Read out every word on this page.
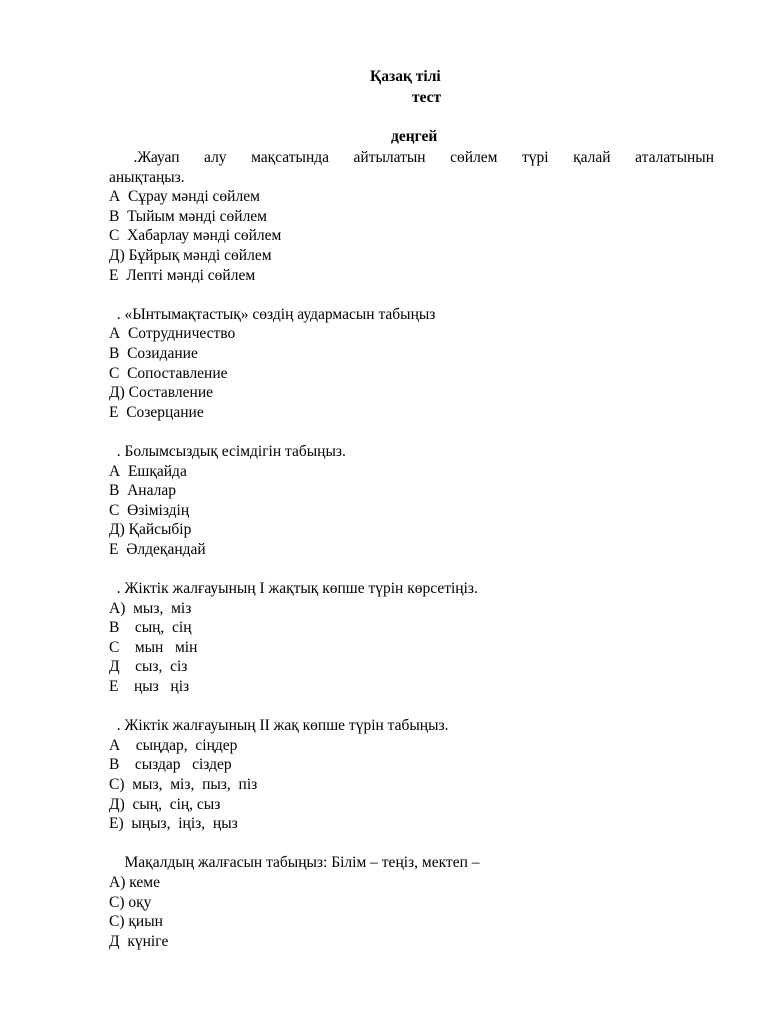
Қазақ тілі
тест
деңгей
.Жауап алу мақсатында айтылатын сөйлем түрі қалай аталатынын
анықтаңыз.
А  Сұрау мәнді сөйлем
В  Тыйым мәнді сөйлем
С  Хабарлау мәнді сөйлем
Д) Бұйрық мәнді сөйлем
Е  Лепті мәнді сөйлем
. «Ынтымақтастық» сөздің аудармасын табыңыз
А  Сотрудничество
В  Созидание
С  Сопоставление
Д) Составление
Е  Созерцание
. Болымсыздық есімдігін табыңыз.
А  Ешқайда
В  Аналар
С  Өзіміздің
Д) Қайсыбір
Е  Әлдеқандай
. Жіктік жалғауының І жақтық көпше түрін көрсетіңіз.
А)  мыз,  міз
В    сың,  сің
С    мын   мін
Д    сыз,  сіз
Е    ңыз   ңіз
. Жіктік жалғауының ІІ жақ көпше түрін табыңыз.
А    сыңдар,  сіңдер
В    сыздар   сіздер
С)  мыз,  міз,  пыз,  піз
Д)  сың,  сің, сыз
Е)  ыңыз,  іңіз,  ңыз
Мақалдың жалғасын табыңыз: Білім – теңіз, мектеп –
А) кеме
С) оқу
С) қиын
Д  күнігe
